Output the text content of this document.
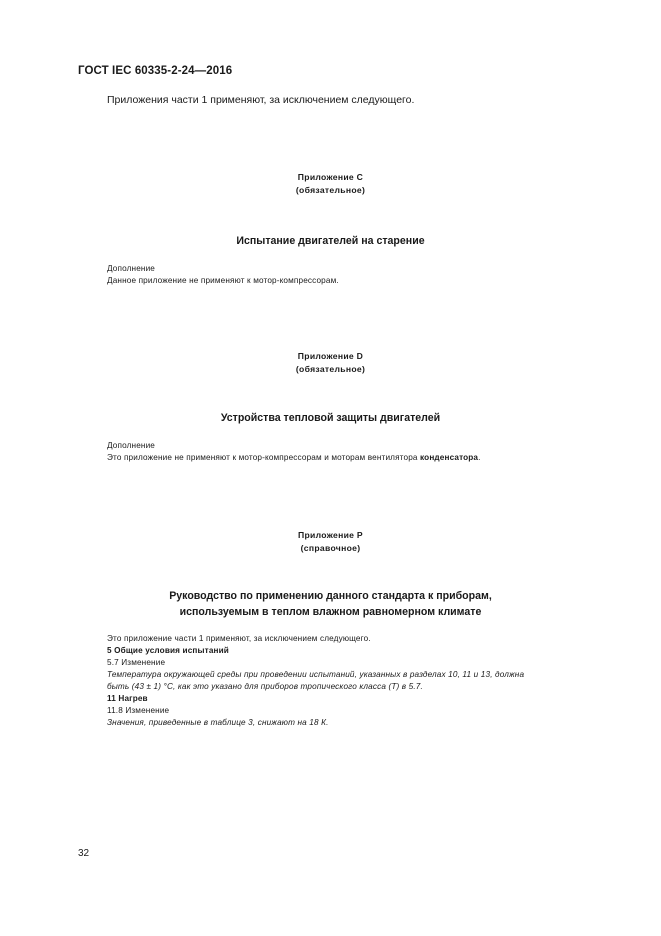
ГОСТ IEC 60335-2-24—2016
Приложения части 1 применяют, за исключением следующего.
Приложение С
(обязательное)
Испытание двигателей на старение
Дополнение
Данное приложение не применяют к мотор-компрессорам.
Приложение D
(обязательное)
Устройства тепловой защиты двигателей
Дополнение
Это приложение не применяют к мотор-компрессорам и моторам вентилятора конденсатора.
Приложение Р
(справочное)
Руководство по применению данного стандарта к приборам,
используемым в теплом влажном равномерном климате
Это приложение части 1 применяют, за исключением следующего.
5 Общие условия испытаний
5.7 Изменение
Температура окружающей среды при проведении испытаний, указанных в разделах 10, 11 и 13, должна
быть (43 ± 1) °С, как это указано для приборов тропического класса (Т) в 5.7.
11 Нагрев
11.8 Изменение
Значения, приведенные в таблице 3, снижают на 18 К.
32
